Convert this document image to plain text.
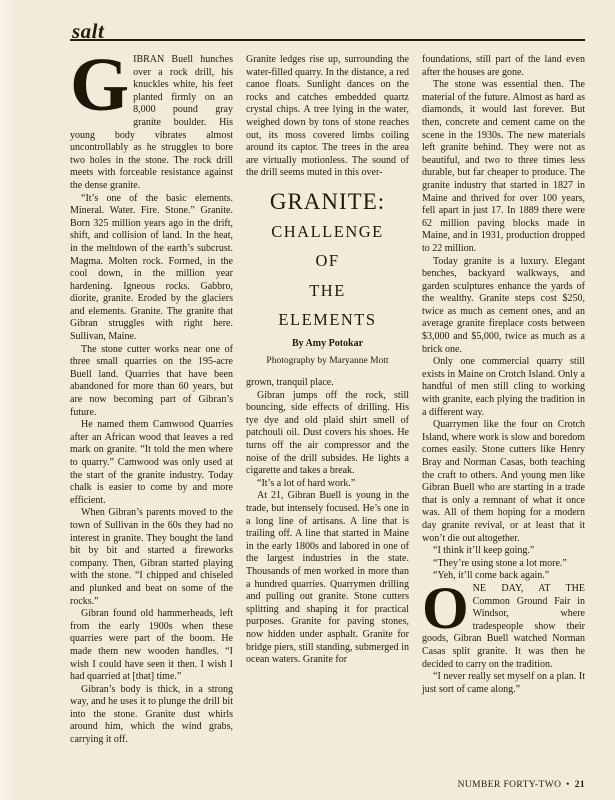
salt

GIBRAN Buell hunches over a rock drill, his knuckles white, his feet planted firmly on an 8,000 pound gray granite boulder. His young body vibrates almost uncontrollably as he struggles to bore two holes in the stone. The rock drill meets with forceable resistance against the dense granite.

“It’s one of the basic elements. Mineral. Water. Fire. Stone.” Granite. Born 325 million years ago in the drift, shift, and collision of land. In the heat, in the meltdown of the earth’s subcrust. Magma. Molten rock. Formed, in the cool down, in the million year hardening. Igneous rocks. Gabbro, diorite, granite. Eroded by the glaciers and elements. Granite. The granite that Gibran struggles with right here. Sullivan, Maine.

The stone cutter works near one of three small quarries on the 195-acre Buell land. Quarries that have been abandoned for more than 60 years, but are now becoming part of Gibran’s future.

He named them Camwood Quarries after an African wood that leaves a red mark on granite. “It told the men where to quarry.” Camwood was only used at the start of the granite industry. Today chalk is easier to come by and more efficient.

When Gibran’s parents moved to the town of Sullivan in the 60s they had no interest in granite. They bought the land bit by bit and started a fireworks company. Then, Gibran started playing with the stone. “I chipped and chiseled and plunked and beat on some of the rocks.”

Gibran found old hammerheads, left from the early 1900s when these quarries were part of the boom. He made them new wooden handles. “I wish I could have seen it then. I wish I had quarried at [that] time.”

Gibran’s body is thick, in a strong way, and he uses it to plunge the drill bit into the stone. Granite dust whirls around him, which the wind grabs, carrying it off.

Granite ledges rise up, surrounding the water-filled quarry. In the distance, a red canoe floats. Sunlight dances on the rocks and catches embedded quartz crystal chips. A tree lying in the water, weighed down by tons of stone reaches out, its moss covered limbs coiling around its captor. The trees in the area are virtually motionless. The sound of the drill seems muted in this over-

GRANITE:
CHALLENGE
OF
THE
ELEMENTS
By Amy Potokar
Photography by Maryanne Mott

grown, tranquil place.

Gibran jumps off the rock, still bouncing, side effects of drilling. His tye dye and old plaid shirt smell of patchouli oil. Dust covers his shoes. He turns off the air compressor and the noise of the drill subsides. He lights a cigarette and takes a break.

“It’s a lot of hard work.”

At 21, Gibran Buell is young in the trade, but intensely focused. He’s one in a long line of artisans. A line that is trailing off. A line that started in Maine in the early 1800s and labored in one of the largest industries in the state. Thousands of men worked in more than a hundred quarries. Quarrymen drilling and pulling out granite. Stone cutters splitting and shaping it for practical purposes. Granite for paving stones, now hidden under asphalt. Granite for bridge piers, still standing, submerged in ocean waters. Granite for

foundations, still part of the land even after the houses are gone.

The stone was essential then. The material of the future. Almost as hard as diamonds, it would last forever. But then, concrete and cement came on the scene in the 1930s. The new materials left granite behind. They were not as beautiful, and two to three times less durable, but far cheaper to produce. The granite industry that started in 1827 in Maine and thrived for over 100 years, fell apart in just 17. In 1889 there were 62 million paving blocks made in Maine, and in 1931, production dropped to 22 million.

Today granite is a luxury. Elegant benches, backyard walkways, and garden sculptures enhance the yards of the wealthy. Granite steps cost $250, twice as much as cement ones, and an average granite fireplace costs between $3,000 and $5,000, twice as much as a brick one.

Only one commercial quarry still exists in Maine on Crotch Island. Only a handful of men still cling to working with granite, each plying the tradition in a different way.

Quarrymen like the four on Crotch Island, where work is slow and boredom comes easily. Stone cutters like Henry Bray and Norman Casas, both teaching the craft to others. And young men like Gibran Buell who are starting in a trade that is only a remnant of what it once was. All of them hoping for a modern day granite revival, or at least that it won’t die out altogether.

“I think it’ll keep going.”

“They’re using stone a lot more.”

“Yeh, it’ll come back again.”

ONE DAY, AT THE Common Ground Fair in Windsor, where tradespeople show their goods, Gibran Buell watched Norman Casas split granite. It was then he decided to carry on the tradition.

“I never really set myself on a plan. It just sort of came along.”

NUMBER FORTY-TWO • 21
